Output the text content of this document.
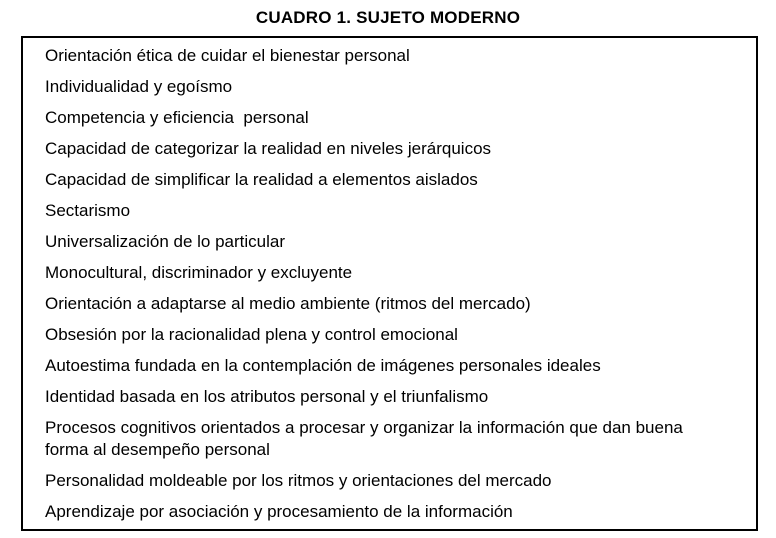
CUADRO 1. SUJETO MODERNO
Orientación ética de cuidar el bienestar personal
Individualidad y egoísmo
Competencia y eficiencia  personal
Capacidad de categorizar la realidad en niveles jerárquicos
Capacidad de simplificar la realidad a elementos aislados
Sectarismo
Universalización de lo particular
Monocultural, discriminador y excluyente
Orientación a adaptarse al medio ambiente (ritmos del mercado)
Obsesión por la racionalidad plena y control emocional
Autoestima fundada en la contemplación de imágenes personales ideales
Identidad basada en los atributos personal y el triunfalismo
Procesos cognitivos orientados a procesar y organizar la información que dan buena forma al desempeño personal
Personalidad moldeable por los ritmos y orientaciones del mercado
Aprendizaje por asociación y procesamiento de la información
